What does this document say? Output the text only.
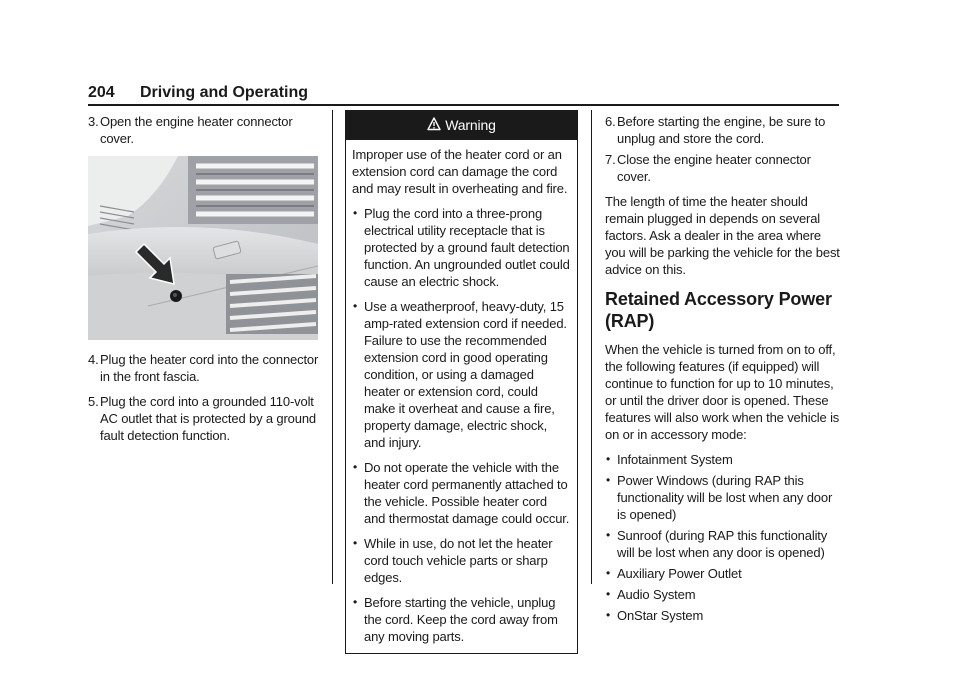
204 Driving and Operating
3.Open the engine heater connector cover.
4.Plug the heater cord into the connector in the front fascia.
5.Plug the cord into a grounded 110-volt AC outlet that is protected by a ground fault detection function.
Warning

Improper use of the heater cord or an extension cord can damage the cord and may result in overheating and fire.

• Plug the cord into a three-prong electrical utility receptacle that is protected by a ground fault detection function. An ungrounded outlet could cause an electric shock.
• Use a weatherproof, heavy-duty, 15 amp-rated extension cord if needed. Failure to use the recommended extension cord in good operating condition, or using a damaged heater or extension cord, could make it overheat and cause a fire, property damage, electric shock, and injury.
• Do not operate the vehicle with the heater cord permanently attached to the vehicle. Possible heater cord and thermostat damage could occur.
• While in use, do not let the heater cord touch vehicle parts or sharp edges.
• Before starting the vehicle, unplug the cord. Keep the cord away from any moving parts.
6.Before starting the engine, be sure to unplug and store the cord.
7.Close the engine heater connector cover.

The length of time the heater should remain plugged in depends on several factors. Ask a dealer in the area where you will be parking the vehicle for the best advice on this.

Retained Accessory Power (RAP)

When the vehicle is turned from on to off, the following features (if equipped) will continue to function for up to 10 minutes, or until the driver door is opened. These features will also work when the vehicle is on or in accessory mode:

• Infotainment System
• Power Windows (during RAP this functionality will be lost when any door is opened)
• Sunroof (during RAP this functionality will be lost when any door is opened)
• Auxiliary Power Outlet
• Audio System
• OnStar System
